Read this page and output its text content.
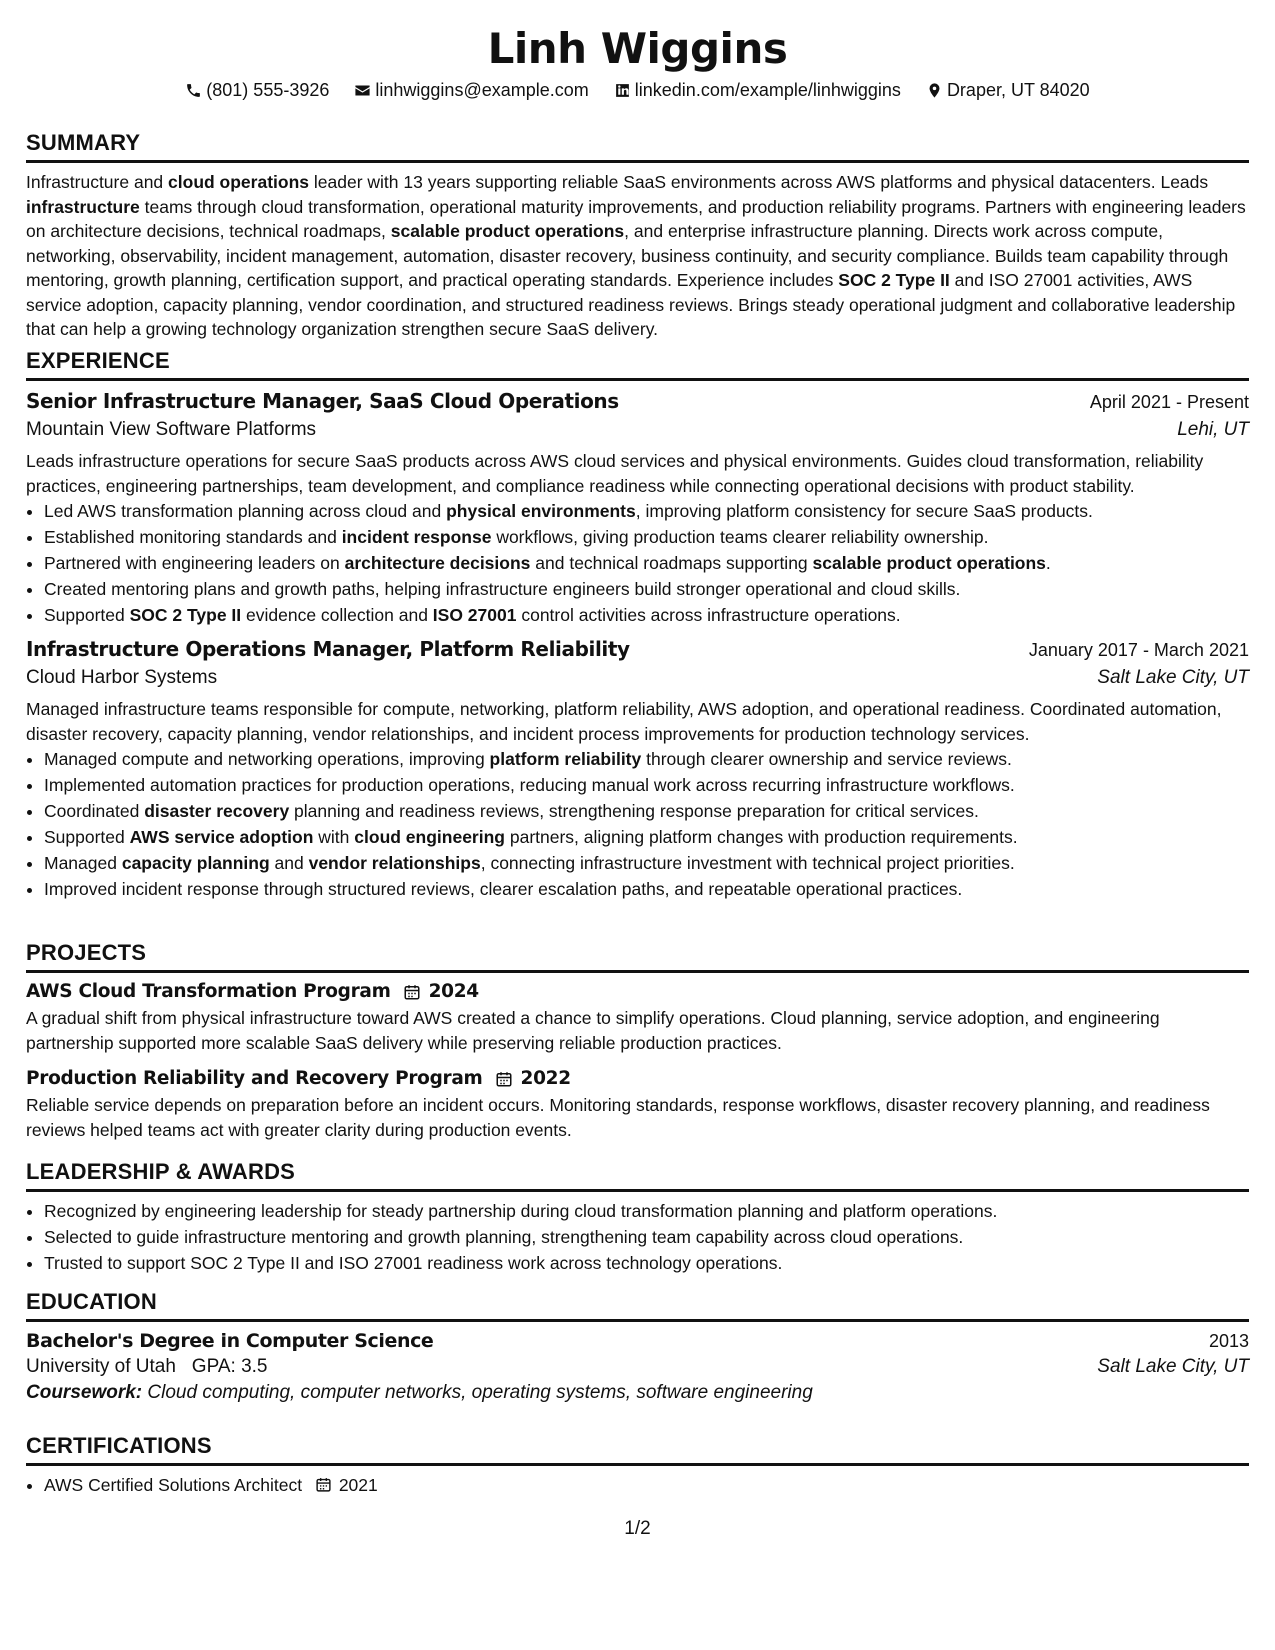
Linh Wiggins
(801) 555-3926
	linhwiggins@example.com
	linkedin.com/example/linhwiggins
	Draper, UT 84020
SUMMARY

Infrastructure and cloud operations leader with 13 years supporting reliable SaaS environments across AWS platforms and physical datacenters. Leads infrastructure teams through cloud transformation, operational maturity improvements, and production reliability programs. Partners with engineering leaders on architecture decisions, technical roadmaps, scalable product operations, and enterprise infrastructure planning. Directs work across compute, networking, observability, incident management, automation, disaster recovery, business continuity, and security compliance. Builds team capability through mentoring, growth planning, certification support, and practical operating standards. Experience includes SOC 2 Type II and ISO 27001 activities, AWS service adoption, capacity planning, vendor coordination, and structured readiness reviews. Brings steady operational judgment and collaborative leadership that can help a growing technology organization strengthen secure SaaS delivery.

EXPERIENCE
Senior Infrastructure Manager, SaaS Cloud Operations	April 2021 - Present
Mountain View Software Platforms	Lehi, UT

Leads infrastructure operations for secure SaaS products across AWS cloud services and physical environments. Guides cloud transformation, reliability practices, engineering partnerships, team development, and compliance readiness while connecting operational decisions with product stability.

• Led AWS transformation planning across cloud and physical environments, improving platform consistency for secure SaaS products.
• Established monitoring standards and incident response workflows, giving production teams clearer reliability ownership.
• Partnered with engineering leaders on architecture decisions and technical roadmaps supporting scalable product operations.
• Created mentoring plans and growth paths, helping infrastructure engineers build stronger operational and cloud skills.
• Supported SOC 2 Type II evidence collection and ISO 27001 control activities across infrastructure operations.
Infrastructure Operations Manager, Platform Reliability	January 2017 - March 2021
Cloud Harbor Systems	Salt Lake City, UT

Managed infrastructure teams responsible for compute, networking, platform reliability, AWS adoption, and operational readiness. Coordinated automation, disaster recovery, capacity planning, vendor relationships, and incident process improvements for production technology services.

• Managed compute and networking operations, improving platform reliability through clearer ownership and service reviews.
• Implemented automation practices for production operations, reducing manual work across recurring infrastructure workflows.
• Coordinated disaster recovery planning and readiness reviews, strengthening response preparation for critical services.
• Supported AWS service adoption with cloud engineering partners, aligning platform changes with production requirements.
• Managed capacity planning and vendor relationships, connecting infrastructure investment with technical project priorities.
• Improved incident response through structured reviews, clearer escalation paths, and repeatable operational practices.
PROJECTS
AWS Cloud Transformation Program 2024

A gradual shift from physical infrastructure toward AWS created a chance to simplify operations. Cloud planning, service adoption, and engineering partnership supported more scalable SaaS delivery while preserving reliable production practices.

Production Reliability and Recovery Program 2022

Reliable service depends on preparation before an incident occurs. Monitoring standards, response workflows, disaster recovery planning, and readiness reviews helped teams act with greater clarity during production events.

LEADERSHIP & AWARDS
• Recognized by engineering leadership for steady partnership during cloud transformation planning and platform operations.
• Selected to guide infrastructure mentoring and growth planning, strengthening team capability across cloud operations.
• Trusted to support SOC 2 Type II and ISO 27001 readiness work across technology operations.
EDUCATION
Bachelor's Degree in Computer Science	2013
University of Utah GPA: 3.5	Salt Lake City, UT
Coursework: Cloud computing, computer networks, operating systems, software engineering
CERTIFICATIONS
• AWS Certified Solutions Architect 2021
1/2
